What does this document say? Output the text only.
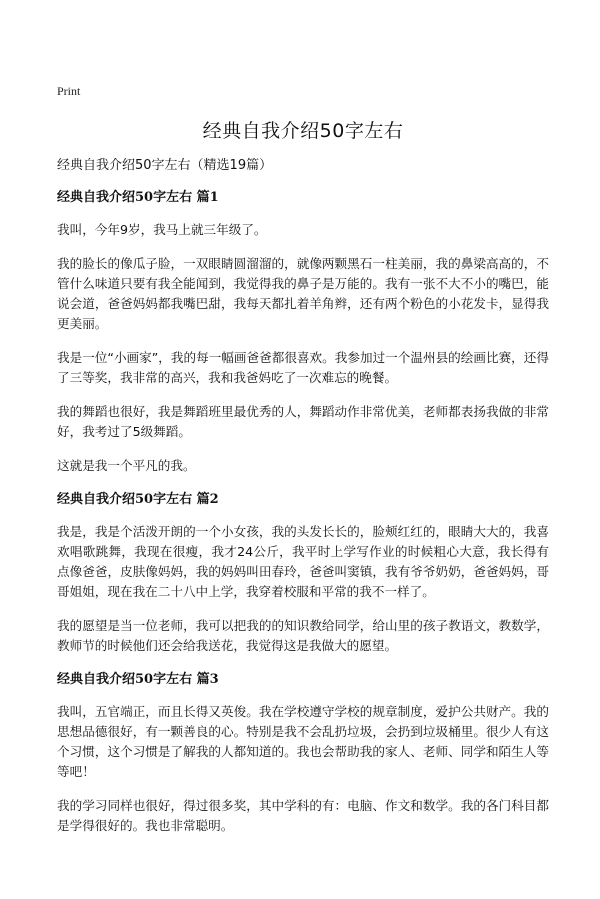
Print
经典自我介绍50字左右

经典自我介绍50字左右（精选19篇）

经典自我介绍50字左右 篇1

我叫，今年9岁，我马上就三年级了。

我的脸长的像瓜子脸，一双眼睛圆溜溜的，就像两颗黑石一柱美丽，我的鼻梁高高的，不管什么味道只要有我全能闻到，我觉得我的鼻子是万能的。我有一张不大不小的嘴巴，能说会道，爸爸妈妈都我嘴巴甜，我每天都扎着羊角辫，还有两个粉色的小花发卡，显得我更美丽。

我是一位“小画家”，我的每一幅画爸爸都很喜欢。我参加过一个温州县的绘画比赛，还得了三等奖，我非常的高兴，我和我爸妈吃了一次难忘的晚餐。

我的舞蹈也很好，我是舞蹈班里最优秀的人，舞蹈动作非常优美，老师都表扬我做的非常好，我考过了5级舞蹈。

这就是我一个平凡的我。

经典自我介绍50字左右 篇2

我是，我是个活泼开朗的一个小女孩，我的头发长长的，脸颊红红的，眼睛大大的，我喜欢唱歌跳舞，我现在很瘦，我才24公斤，我平时上学写作业的时候粗心大意，我长得有点像爸爸，皮肤像妈妈，我的妈妈叫田春玲，爸爸叫窦镇，我有爷爷奶奶，爸爸妈妈，哥哥姐姐，现在我在二十八中上学，我穿着校服和平常的我不一样了。

我的愿望是当一位老师，我可以把我的的知识教给同学，给山里的孩子教语文，教数学，教师节的时候他们还会给我送花，我觉得这是我做大的愿望。

经典自我介绍50字左右 篇3

我叫，五官端正，而且长得又英俊。我在学校遵守学校的规章制度，爱护公共财产。我的思想品德很好，有一颗善良的心。特别是我不会乱扔垃圾，会扔到垃圾桶里。很少人有这个习惯，这个习惯是了解我的人都知道的。我也会帮助我的家人、老师、同学和陌生人等等吧！

我的学习同样也很好，得过很多奖，其中学科的有：电脑、作文和数学。我的各门科目都是学得很好的。我也非常聪明。
